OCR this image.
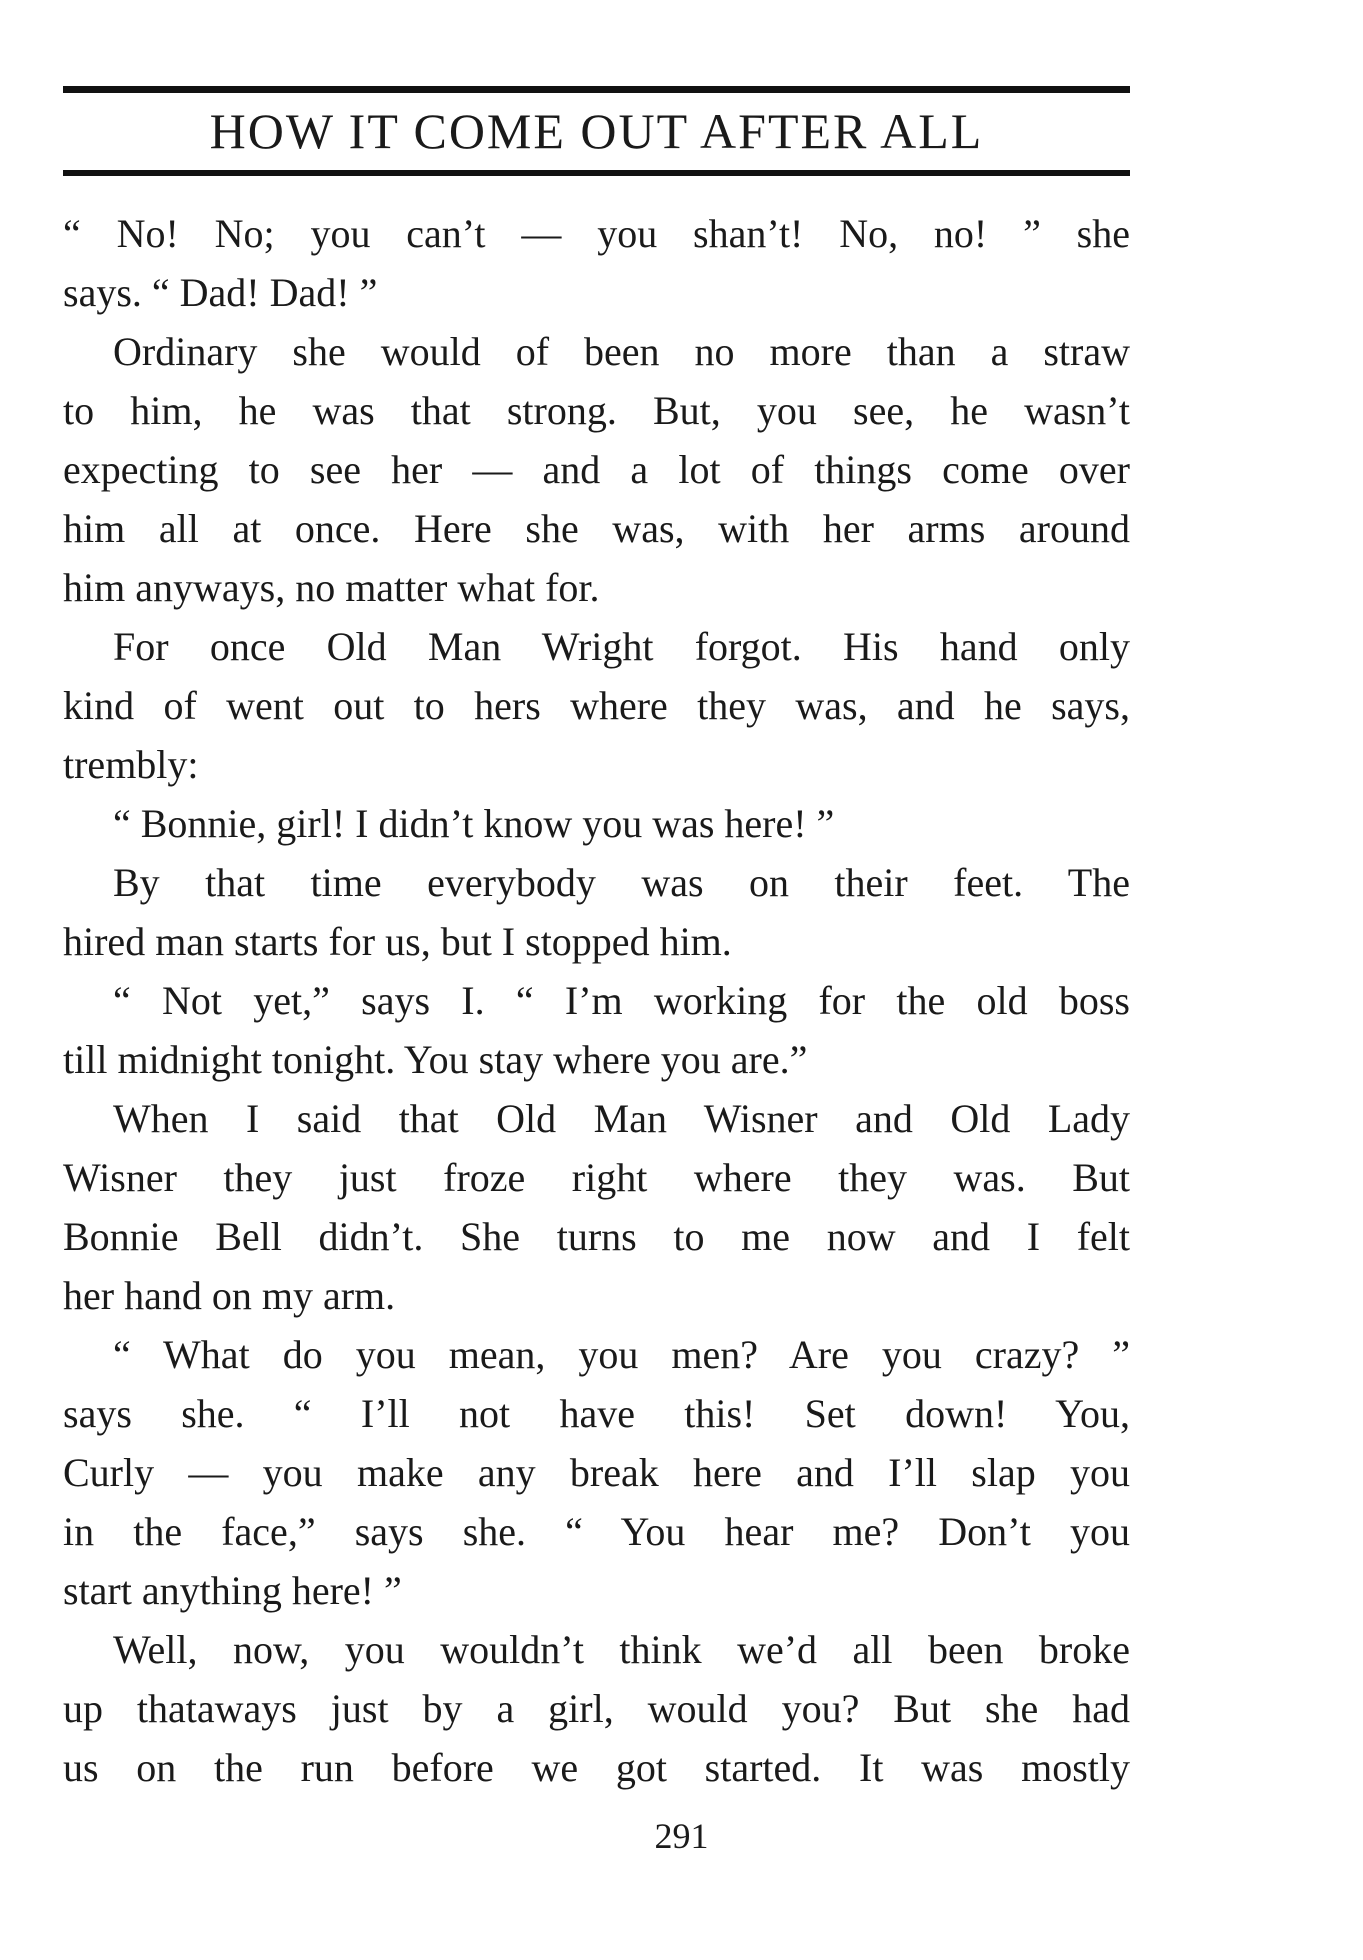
HOW IT COME OUT AFTER ALL
“ No! No; you can’t — you shan’t! No, no! ” she
says. “ Dad! Dad! ”
Ordinary she would of been no more than a straw
to him, he was that strong. But, you see, he wasn’t
expecting to see her — and a lot of things come over
him all at once. Here she was, with her arms around
him anyways, no matter what for.
For once Old Man Wright forgot. His hand only
kind of went out to hers where they was, and he says,
trembly:
“ Bonnie, girl! I didn’t know you was here! ”
By that time everybody was on their feet. The
hired man starts for us, but I stopped him.
“ Not yet,” says I. “ I’m working for the old boss
till midnight tonight. You stay where you are.”
When I said that Old Man Wisner and Old Lady
Wisner they just froze right where they was. But
Bonnie Bell didn’t. She turns to me now and I felt
her hand on my arm.
“ What do you mean, you men? Are you crazy? ”
says she. “ I’ll not have this! Set down! You,
Curly — you make any break here and I’ll slap you
in the face,” says she. “ You hear me? Don’t you
start anything here! ”
Well, now, you wouldn’t think we’d all been broke
up thataways just by a girl, would you? But she had
us on the run before we got started. It was mostly
291
